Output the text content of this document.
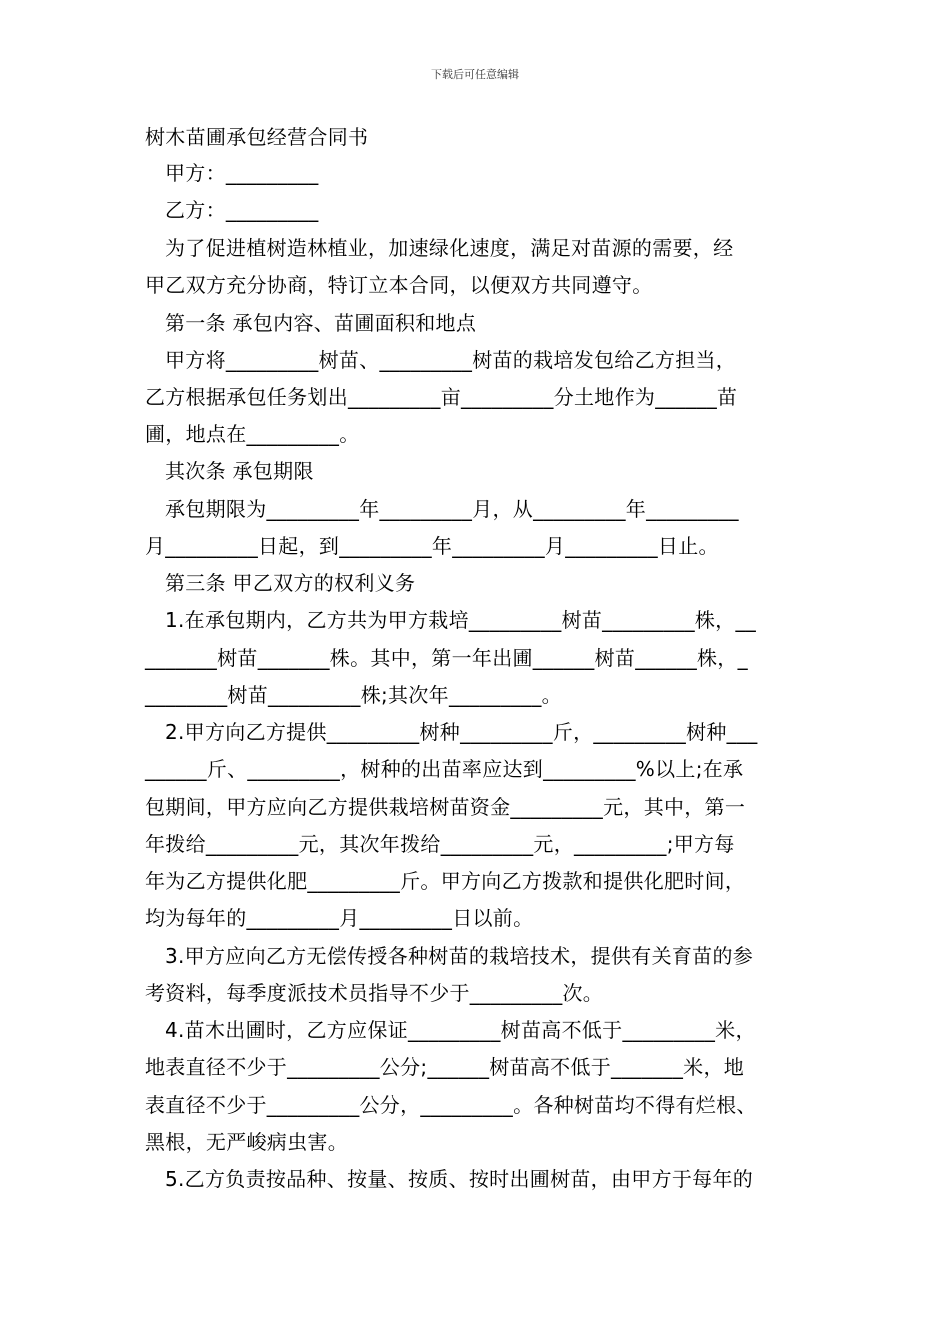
下载后可任意编辑
树木苗圃承包经营合同书
甲方：_________
乙方：_________
为了促进植树造林植业，加速绿化速度，满足对苗源的需要，经
甲乙双方充分协商，特订立本合同，以便双方共同遵守。
第一条 承包内容、苗圃面积和地点
甲方将_________树苗、_________树苗的栽培发包给乙方担当，
乙方根据承包任务划出_________亩_________分土地作为______苗
圃，地点在_________。
其次条 承包期限
承包期限为_________年_________月，从_________年_________
月_________日起，到_________年_________月_________日止。
第三条 甲乙双方的权利义务
1.在承包期内，乙方共为甲方栽培_________树苗_________株，__
_______树苗_______株。其中，第一年出圃______树苗______株，_
________树苗_________株;其次年_________。
2.甲方向乙方提供_________树种_________斤，_________树种___
______斤、_________，树种的出苗率应达到_________%以上;在承
包期间，甲方应向乙方提供栽培树苗资金_________元，其中，第一
年拨给_________元，其次年拨给_________元，_________;甲方每
年为乙方提供化肥_________斤。甲方向乙方拨款和提供化肥时间，
均为每年的_________月_________日以前。
3.甲方应向乙方无偿传授各种树苗的栽培技术，提供有关育苗的参
考资料，每季度派技术员指导不少于_________次。
4.苗木出圃时，乙方应保证_________树苗高不低于_________米，
地表直径不少于_________公分;______树苗高不低于_______米，地
表直径不少于_________公分，_________。各种树苗均不得有烂根、
黑根，无严峻病虫害。
5.乙方负责按品种、按量、按质、按时出圃树苗，由甲方于每年的
